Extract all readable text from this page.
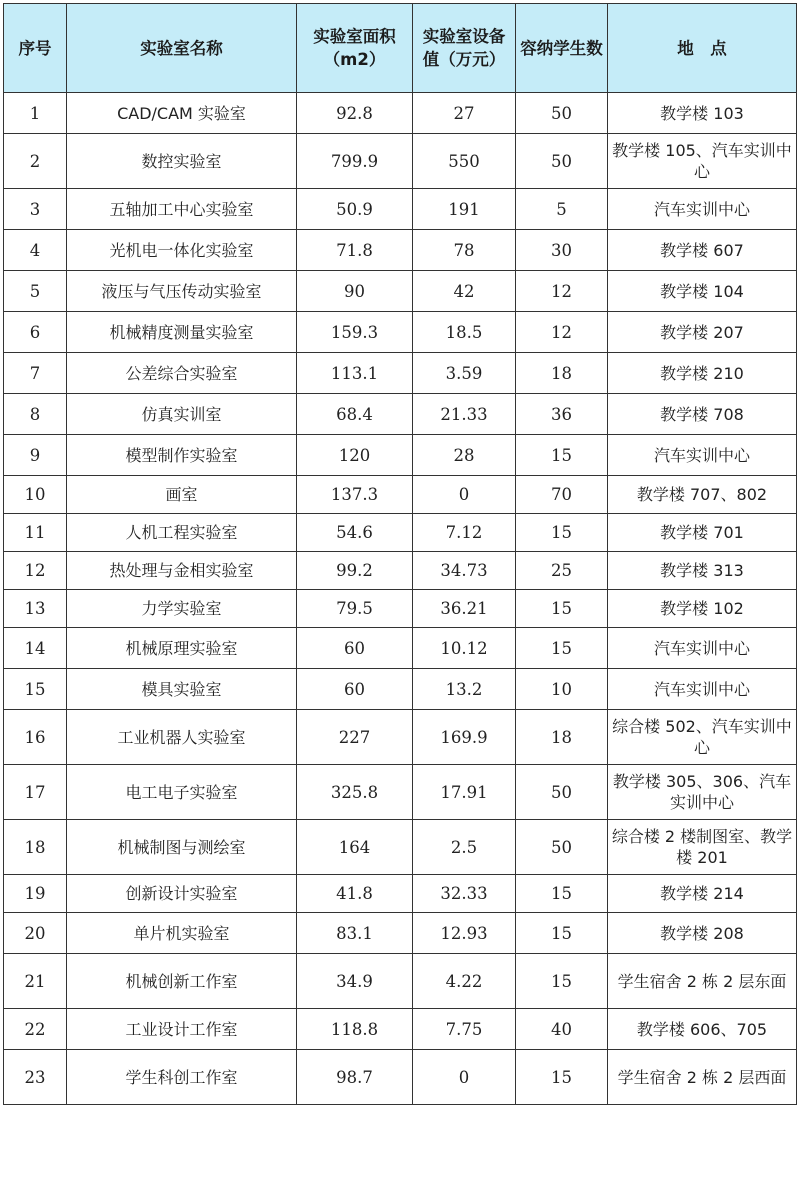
序号	实验室名称	实验室面积（m2）	实验室设备值（万元）	容纳学生数	地　点
1	CAD/CAM 实验室	92.8	27	50	教学楼 103
2	数控实验室	799.9	550	50	教学楼 105、汽车实训中心
3	五轴加工中心实验室	50.9	191	5	汽车实训中心
4	光机电一体化实验室	71.8	78	30	教学楼 607
5	液压与气压传动实验室	90	42	12	教学楼 104
6	机械精度测量实验室	159.3	18.5	12	教学楼 207
7	公差综合实验室	113.1	3.59	18	教学楼 210
8	仿真实训室	68.4	21.33	36	教学楼 708
9	模型制作实验室	120	28	15	汽车实训中心
10	画室	137.3	0	70	教学楼 707、802
11	人机工程实验室	54.6	7.12	15	教学楼 701
12	热处理与金相实验室	99.2	34.73	25	教学楼 313
13	力学实验室	79.5	36.21	15	教学楼 102
14	机械原理实验室	60	10.12	15	汽车实训中心
15	模具实验室	60	13.2	10	汽车实训中心
16	工业机器人实验室	227	169.9	18	综合楼 502、汽车实训中心
17	电工电子实验室	325.8	17.91	50	教学楼 305、306、汽车实训中心
18	机械制图与测绘室	164	2.5	50	综合楼 2 楼制图室、教学楼 201
19	创新设计实验室	41.8	32.33	15	教学楼 214
20	单片机实验室	83.1	12.93	15	教学楼 208
21	机械创新工作室	34.9	4.22	15	学生宿舍 2 栋 2 层东面
22	工业设计工作室	118.8	7.75	40	教学楼 606、705
23	学生科创工作室	98.7	0	15	学生宿舍 2 栋 2 层西面
